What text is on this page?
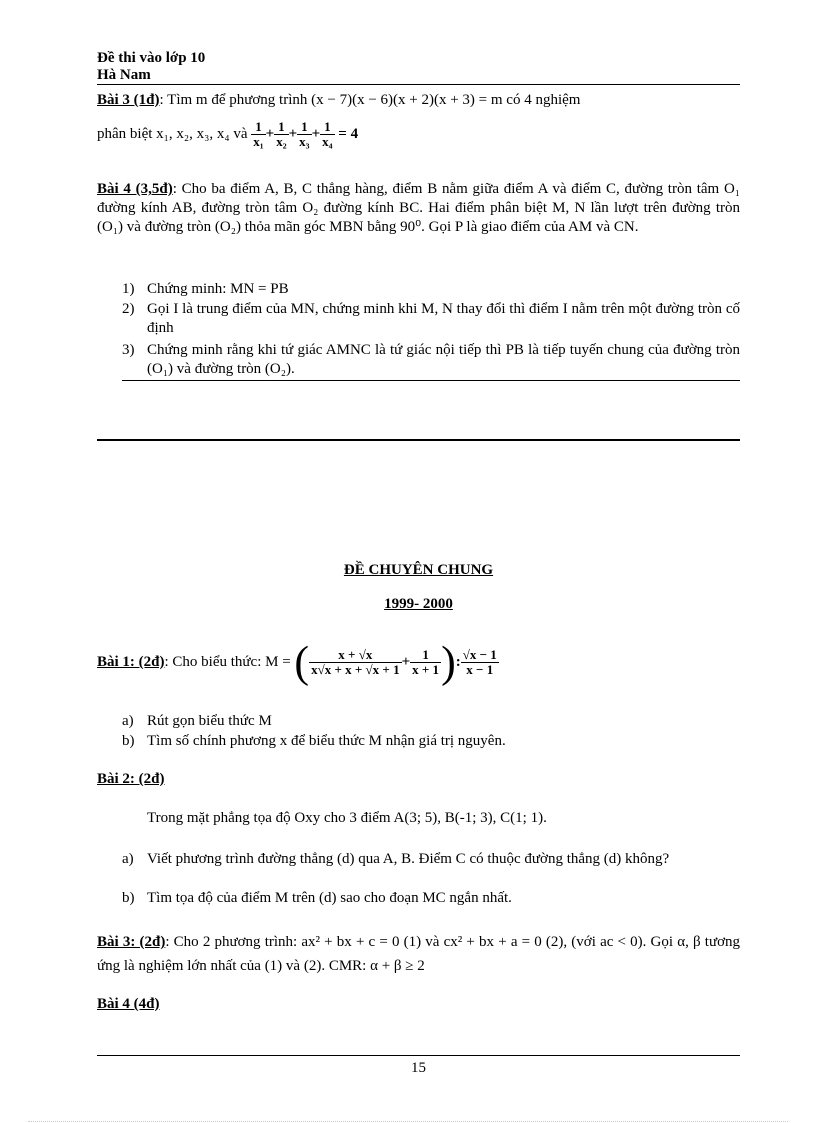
Đề thi vào lớp 10
Hà Nam
Bài 3 (1đ): Tìm m để phương trình (x − 7)(x − 6)(x + 2)(x + 3) = m có 4 nghiệm
phân biệt x₁, x₂, x₃, x₄ và $\frac{1}{\text{x₁}} + \frac{1}{\text{x₂}} + \frac{1}{\text{x₃}} + \frac{1}{\text{x₄}} = 4$
Bài 4 (3,5đ): Cho ba điểm A, B, C thẳng hàng, điểm B nằm giữa điểm A và điểm C, đường tròn tâm O₁ đường kính AB, đường tròn tâm O₂ đường kính BC. Hai điểm phân biệt M, N lần lượt trên đường tròn (O₁) và đường tròn (O₂) thỏa mãn góc MBN bằng 90⁰. Gọi P là giao điểm của AM và CN.
1) Chứng minh: MN = PB
2) Gọi I là trung điểm của MN, chứng minh khi M, N thay đổi thì điểm I nằm trên một đường tròn cố định
3) Chứng minh rằng khi tứ giác AMNC là tứ giác nội tiếp thì PB là tiếp tuyến chung của đường tròn (O₁) và đường tròn (O₂).
ĐỀ CHUYÊN CHUNG
1999- 2000
Bài 1: (2đ): Cho biểu thức: M = ( $\frac{x + √x}{x√x + x + √x + 1} + \frac{1}{x + 1}$ ): $\frac{√x - 1}{x - 1}$
a) Rút gọn biểu thức M
b) Tìm số chính phương x để biểu thức M nhận giá trị nguyên.
Bài 2: (2đ)
Trong mặt phẳng tọa độ Oxy cho 3 điểm A(3; 5), B(-1; 3), C(1; 1).
a) Viết phương trình đường thẳng (d) qua A, B. Điểm C có thuộc đường thẳng (d) không?
b) Tìm tọa độ của điểm M trên (d) sao cho đoạn MC ngắn nhất.
Bài 3: (2đ): Cho 2 phương trình: ax² + bx + c = 0 (1) và cx² + bx + a = 0 (2), (với ac < 0). Gọi α, β tương ứng là nghiệm lớn nhất của (1) và (2). CMR: α + β ≥ 2
Bài 4 (4đ)
15
